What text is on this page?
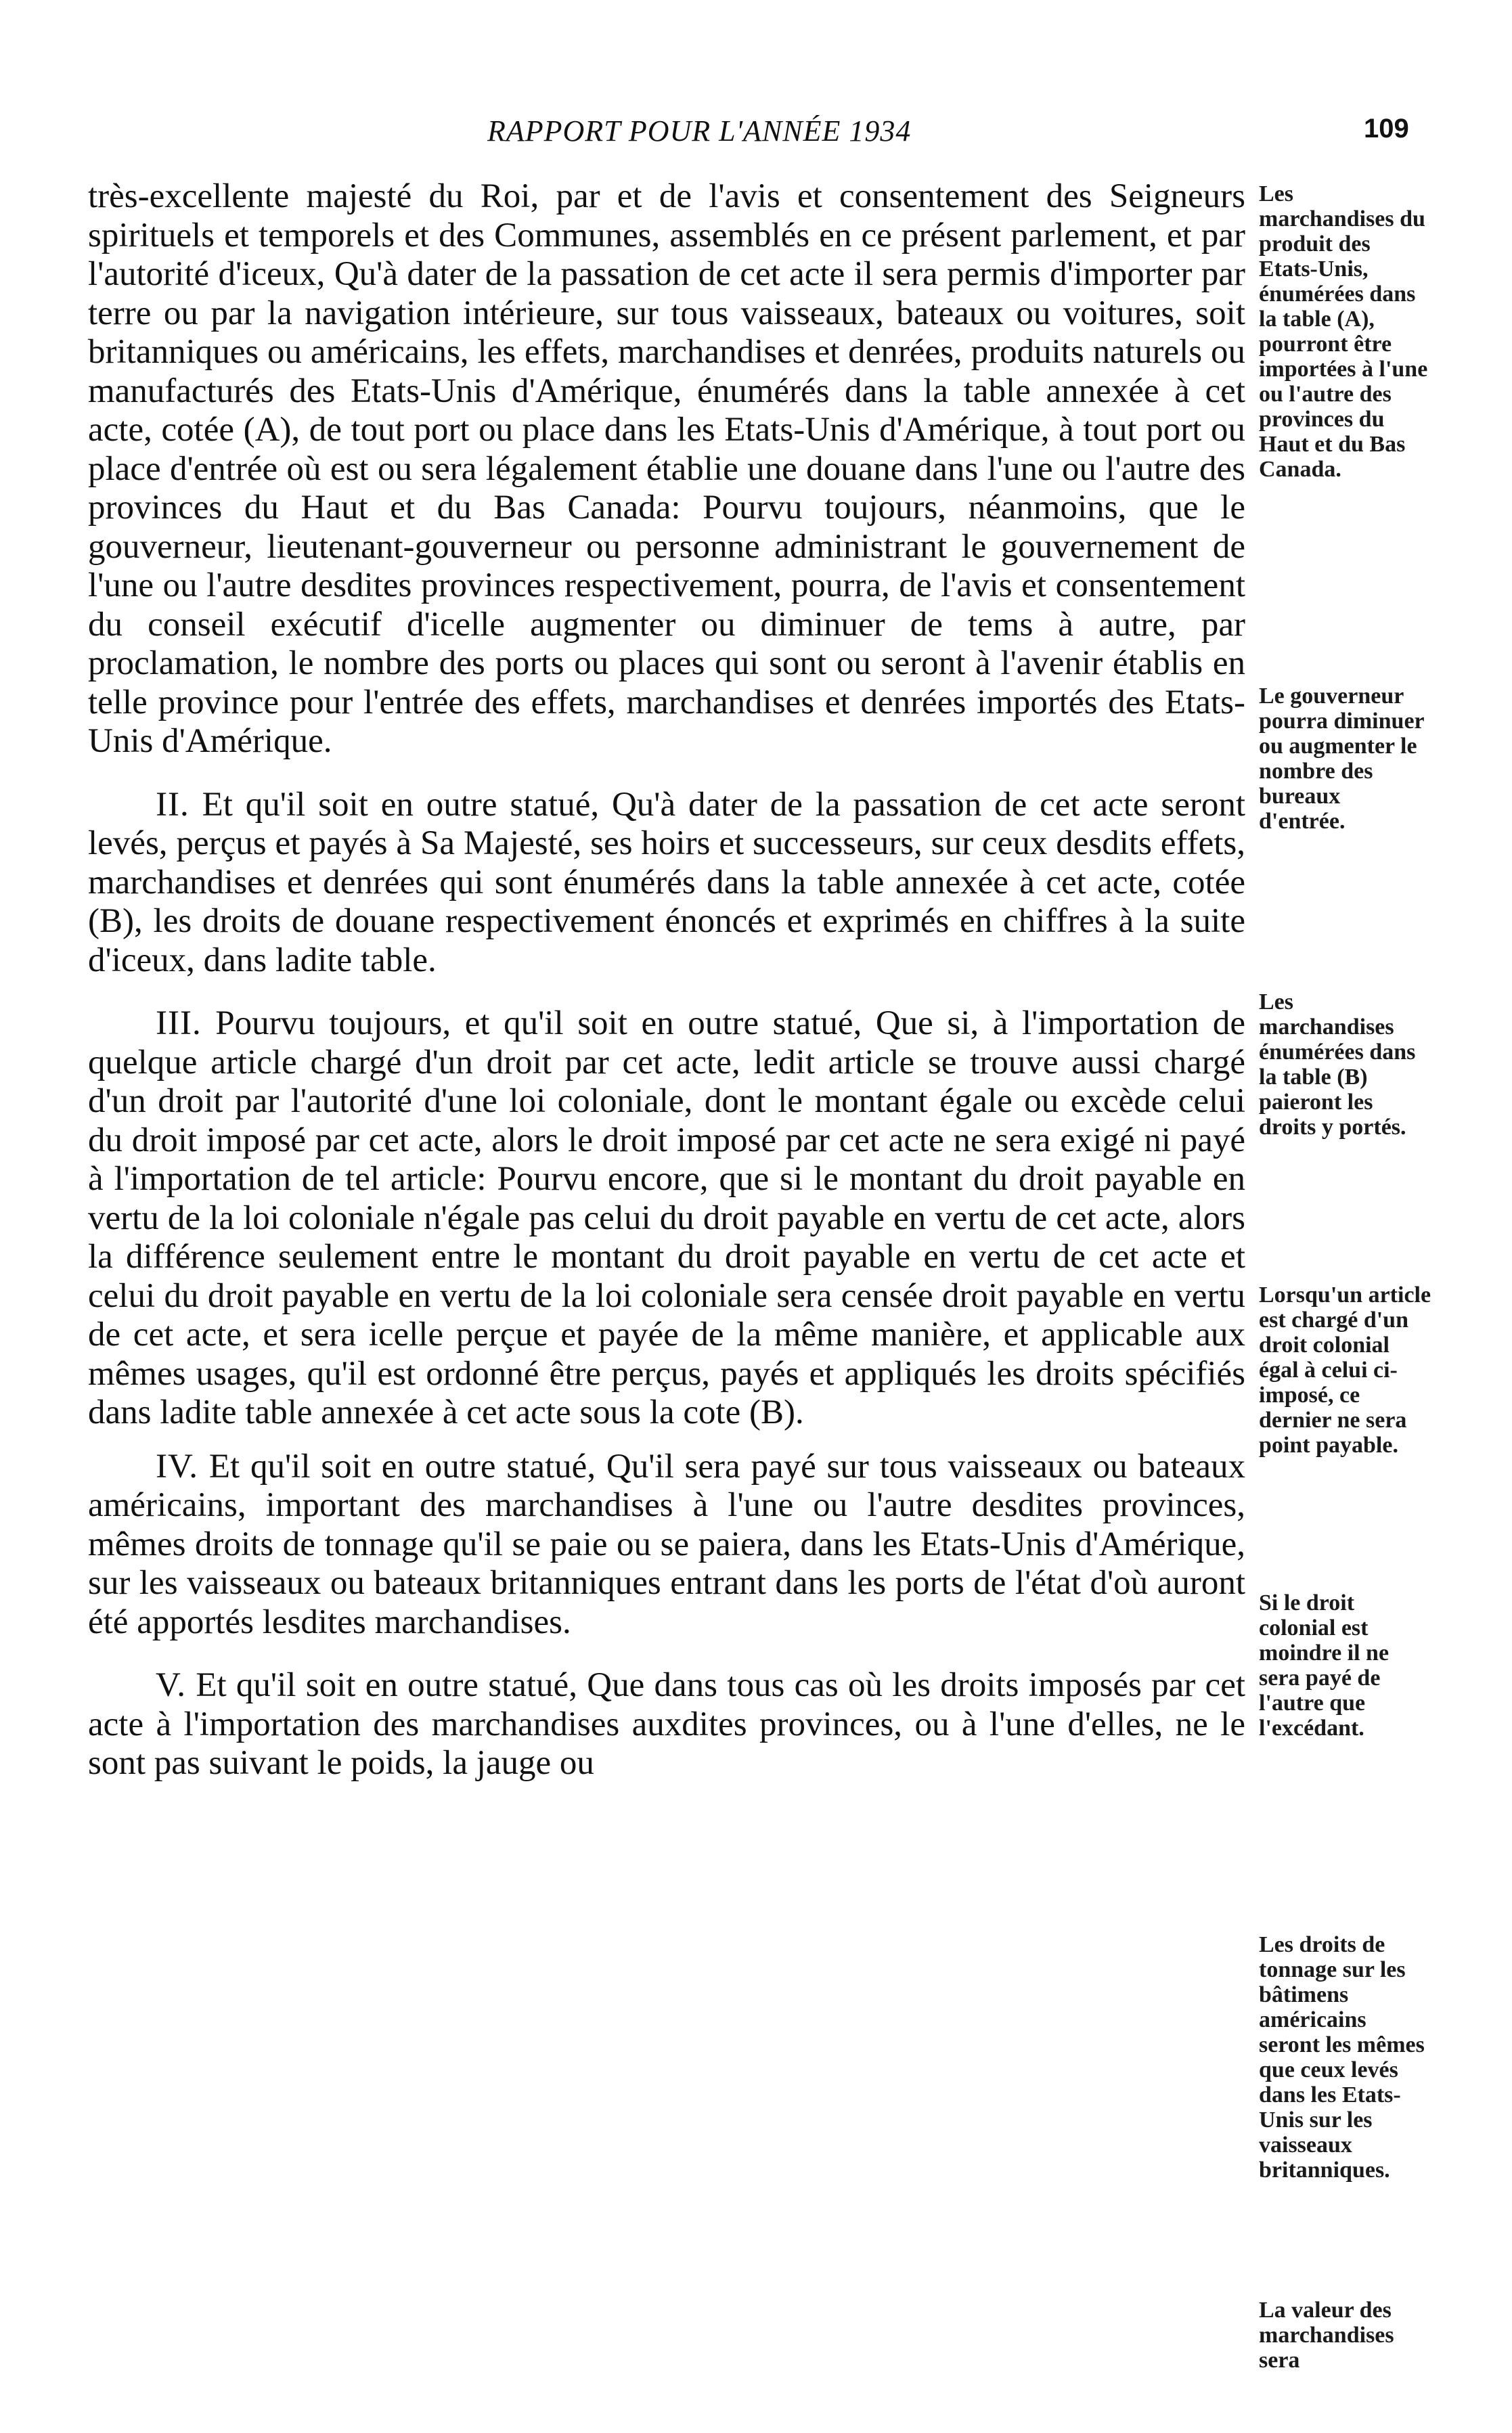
RAPPORT POUR L'ANNÉE 1934	109

très-excellente majesté du Roi, par et de l'avis et consentement des Seigneurs spirituels et temporels et des Communes, assemblés en ce présent parlement, et par l'autorité d'iceux, Qu'à dater de la passation de cet acte il sera permis d'importer par terre ou par la navigation intérieure, sur tous vaisseaux, bateaux ou voitures, soit britanniques ou américains, les effets, marchandises et denrées, produits naturels ou manufacturés des Etats-Unis d'Amérique, énumérés dans la table annexée à cet acte, cotée (A), de tout port ou place dans les Etats-Unis d'Amérique, à tout port ou place d'entrée où est ou sera légalement établie une douane dans l'une ou l'autre des provinces du Haut et du Bas Canada: Pourvu toujours, néanmoins, que le gouverneur, lieutenant-gouverneur ou personne administrant le gouvernement de l'une ou l'autre desdites provinces respectivement, pourra, de l'avis et consentement du conseil exécutif d'icelle augmenter ou diminuer de tems à autre, par proclamation, le nombre des ports ou places qui sont ou seront à l'avenir établis en telle province pour l'entrée des effets, marchandises et denrées importés des Etats-Unis d'Amérique.

II. Et qu'il soit en outre statué, Qu'à dater de la passation de cet acte seront levés, perçus et payés à Sa Majesté, ses hoirs et successeurs, sur ceux desdits effets, marchandises et denrées qui sont énumérés dans la table annexée à cet acte, cotée (B), les droits de douane respectivement énoncés et exprimés en chiffres à la suite d'iceux, dans ladite table.

III. Pourvu toujours, et qu'il soit en outre statué, Que si, à l'importation de quelque article chargé d'un droit par cet acte, ledit article se trouve aussi chargé d'un droit par l'autorité d'une loi coloniale, dont le montant égale ou excède celui du droit imposé par cet acte, alors le droit imposé par cet acte ne sera exigé ni payé à l'importation de tel article: Pourvu encore, que si le montant du droit payable en vertu de la loi coloniale n'égale pas celui du droit payable en vertu de cet acte, alors la différence seulement entre le montant du droit payable en vertu de cet acte et celui du droit payable en vertu de la loi coloniale sera censée droit payable en vertu de cet acte, et sera icelle perçue et payée de la même manière, et applicable aux mêmes usages, qu'il est ordonné être perçus, payés et appliqués les droits spécifiés dans ladite table annexée à cet acte sous la cote (B).

IV. Et qu'il soit en outre statué, Qu'il sera payé sur tous vaisseaux ou bateaux américains, important des marchandises à l'une ou l'autre desdites provinces, mêmes droits de tonnage qu'il se paie ou se paiera, dans les Etats-Unis d'Amérique, sur les vaisseaux ou bateaux britanniques entrant dans les ports de l'état d'où auront été apportés lesdites marchandises.

V. Et qu'il soit en outre statué, Que dans tous cas où les droits imposés par cet acte à l'importation des marchandises auxdites provinces, ou à l'une d'elles, ne le sont pas suivant le poids, la jauge ou

Les marchandises du produit des Etats-Unis, énumérées dans la table (A), pourront être importées à l'une ou l'autre des provinces du Haut et du Bas Canada.

Le gouverneur pourra diminuer ou augmenter le nombre des bureaux d'entrée.

Les marchandises énumérées dans la table (B) paieront les droits y portés.

Lorsqu'un article est chargé d'un droit colonial égal à celui ci-imposé, ce dernier ne sera point payable.

Si le droit colonial est moindre il ne sera payé de l'autre que l'excédant.

Les droits de tonnage sur les bâtimens américains seront les mêmes que ceux levés dans les Etats-Unis sur les vaisseaux britanniques.

La valeur des marchandises sera
